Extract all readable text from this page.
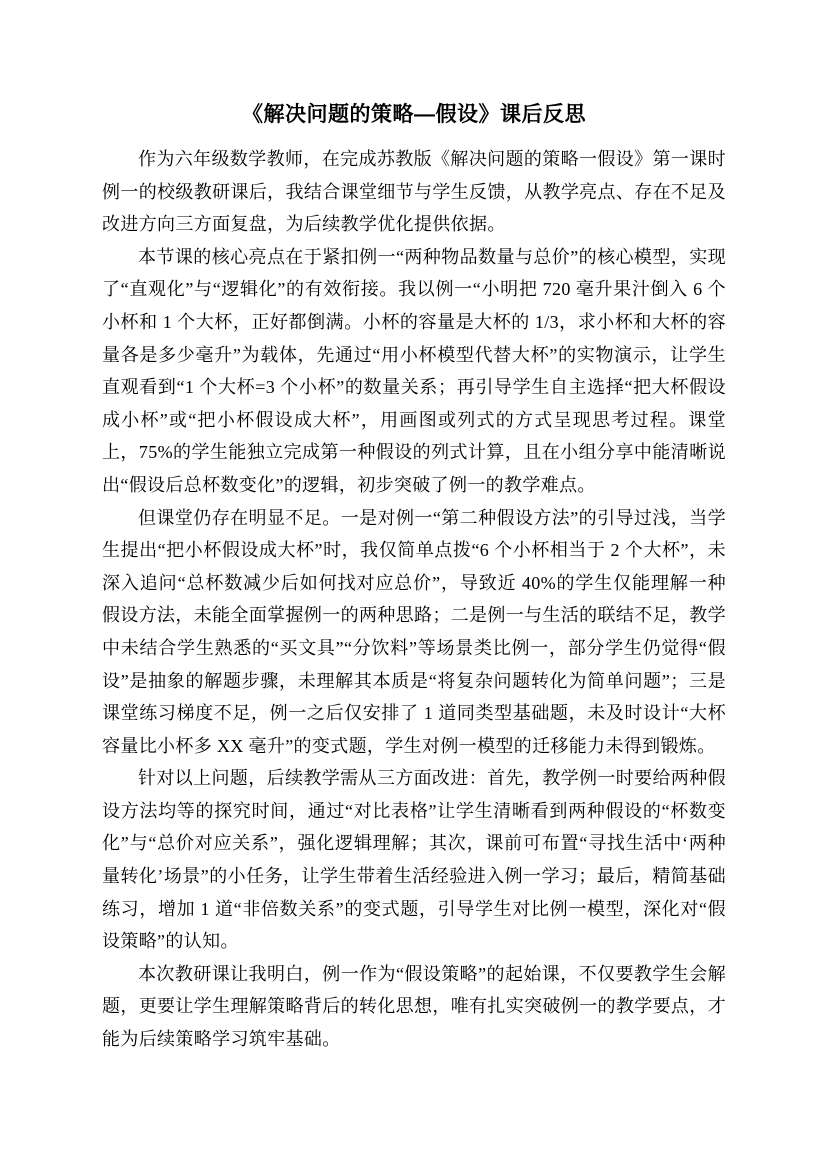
《解决问题的策略—假设》课后反思

作为六年级数学教师，在完成苏教版《解决问题的策略一假设》第一课时例一的校级教研课后，我结合课堂细节与学生反馈，从教学亮点、存在不足及改进方向三方面复盘，为后续教学优化提供依据。

本节课的核心亮点在于紧扣例一“两种物品数量与总价”的核心模型，实现了“直观化”与“逻辑化”的有效衔接。我以例一“小明把 720 毫升果汁倒入 6 个小杯和 1 个大杯，正好都倒满。小杯的容量是大杯的 1/3，求小杯和大杯的容量各是多少毫升”为载体，先通过“用小杯模型代替大杯”的实物演示，让学生直观看到“1 个大杯=3 个小杯”的数量关系；再引导学生自主选择“把大杯假设成小杯”或“把小杯假设成大杯”，用画图或列式的方式呈现思考过程。课堂上，75%的学生能独立完成第一种假设的列式计算，且在小组分享中能清晰说出“假设后总杯数变化”的逻辑，初步突破了例一的教学难点。

但课堂仍存在明显不足。一是对例一“第二种假设方法”的引导过浅，当学生提出“把小杯假设成大杯”时，我仅简单点拨“6 个小杯相当于 2 个大杯”，未深入追问“总杯数减少后如何找对应总价”，导致近 40%的学生仅能理解一种假设方法，未能全面掌握例一的两种思路；二是例一与生活的联结不足，教学中未结合学生熟悉的“买文具”“分饮料”等场景类比例一，部分学生仍觉得“假设”是抽象的解题步骤，未理解其本质是“将复杂问题转化为简单问题”；三是课堂练习梯度不足，例一之后仅安排了 1 道同类型基础题，未及时设计“大杯容量比小杯多 XX 毫升”的变式题，学生对例一模型的迁移能力未得到锻炼。

针对以上问题，后续教学需从三方面改进：首先，教学例一时要给两种假设方法均等的探究时间，通过“对比表格”让学生清晰看到两种假设的“杯数变化”与“总价对应关系”，强化逻辑理解；其次，课前可布置“寻找生活中‘两种量转化’场景”的小任务，让学生带着生活经验进入例一学习；最后，精简基础练习，增加 1 道“非倍数关系”的变式题，引导学生对比例一模型，深化对“假设策略”的认知。

本次教研课让我明白，例一作为“假设策略”的起始课，不仅要教学生会解题，更要让学生理解策略背后的转化思想，唯有扎实突破例一的教学要点，才能为后续策略学习筑牢基础。
